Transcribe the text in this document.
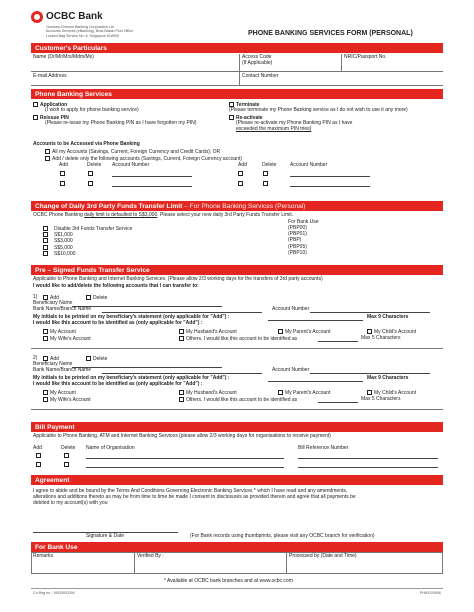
OCBC Bank
Oversea-Chinese Banking Corporation Ltd
Accounts Services (eBanking), Bras Basah Post Office
Locked Bag Service No. 8, Singapore 918909	PHONE BANKING SERVICES FORM (PERSONAL)
Customer's Particulars
Name (Dr/Mr/Mrs/Mdm/Ms)	Access Code
(If Applicable)
NRIC/Passport No.
E-mail Address	Contact Number
Phone Banking Services
Application
(I wish to apply for phone banking service)
Terminate
(Please terminate my Phone Banking service as I do not wish to use it any more)
Reissue PIN
(Please re-issue my Phone Banking PIN as I have forgotten my PIN)
Re-activate
(Please re-activate my Phone Banking PIN as I have
exceeded the maximum PIN tries)
Accounts to be Accessed via Phone Banking
All my Accounts (Savings, Current, Foreign Currency and Credit Cards); OR
Add / delete only the following accounts (Savings, Current, Foreign Currency account)
Add	Delete Account Number	Add	Delete	Account Number
Change of Daily 3rd Party Funds Transfer Limit – For Phone Banking Services (Personal)
OCBC Phone Banking daily limit is defaulted to S$3,000. Please select your new daily 3rd Party Funds Transfer Limit.
For Bank Use
Disable 3rd Funds Transfer Service	(PBP00)
S$1,000	(PBP01)
S$3,000	(PBP)
S$5,000	(PBP05)
S$10,000	(PBP10)
Pre – Signed Funds Transfer Service
Applicable to Phone Banking and Internet Banking Services. (Please allow 2/3 working days for the transfers of 3rd party accounts)
I would like to add/delete the following accounts that I can transfer to:
1)	Add	Delete
Beneficiary Name
Bank Name/Branch Name	Account Number
My initials to be printed on my beneficiary's statement (only applicable for "Add") :	Max 9 Characters
I would like this account to be identified as (only applicable for "Add") :
My Account	My Husband's Account	My Parent's Account	My Child's Account
My Wife's Account	Others. I would like this account to be identified as	Max 5 Characters
2)	Add	Delete
Beneficiary Name
Bank Name/Branch Name	Account Number
My initials to be printed on my beneficiary's statement (only applicable for "Add") :	Max 9 Characters
I would like this account to be identified as (only applicable for "Add") :
My Account	My Husband's Account	My Parent's Account	My Child's Account
My Wife's Account	Others. I would like this account to be identified as	Max 5 Characters
Bill Payment
Applicable to Phone Banking, ATM and Internet Banking Services (please allow 2/3 working days for organisations to receive payment)
Add	Delete Name of Organisation	Bill Reference Number
Agreement
I agree to abide and be bound by the Terms And Conditions Governing Electronic Banking Services * which I have read and any amendments,
alterations and additions thereto as may be from time to time be made I consent to disclosures as provided therein and agree that all payments be
debited to my account(s) with you
Signature & Date	(For Bank records using thumbprints, please visit any OCBC branch for verification)
For Bank Use
Remarks	Verified By :	Processed by (Date and Time)
* Available at OCBC bank branches and at www.ocbc.com
Co Reg no : 193200032W	PHB1S/0906
